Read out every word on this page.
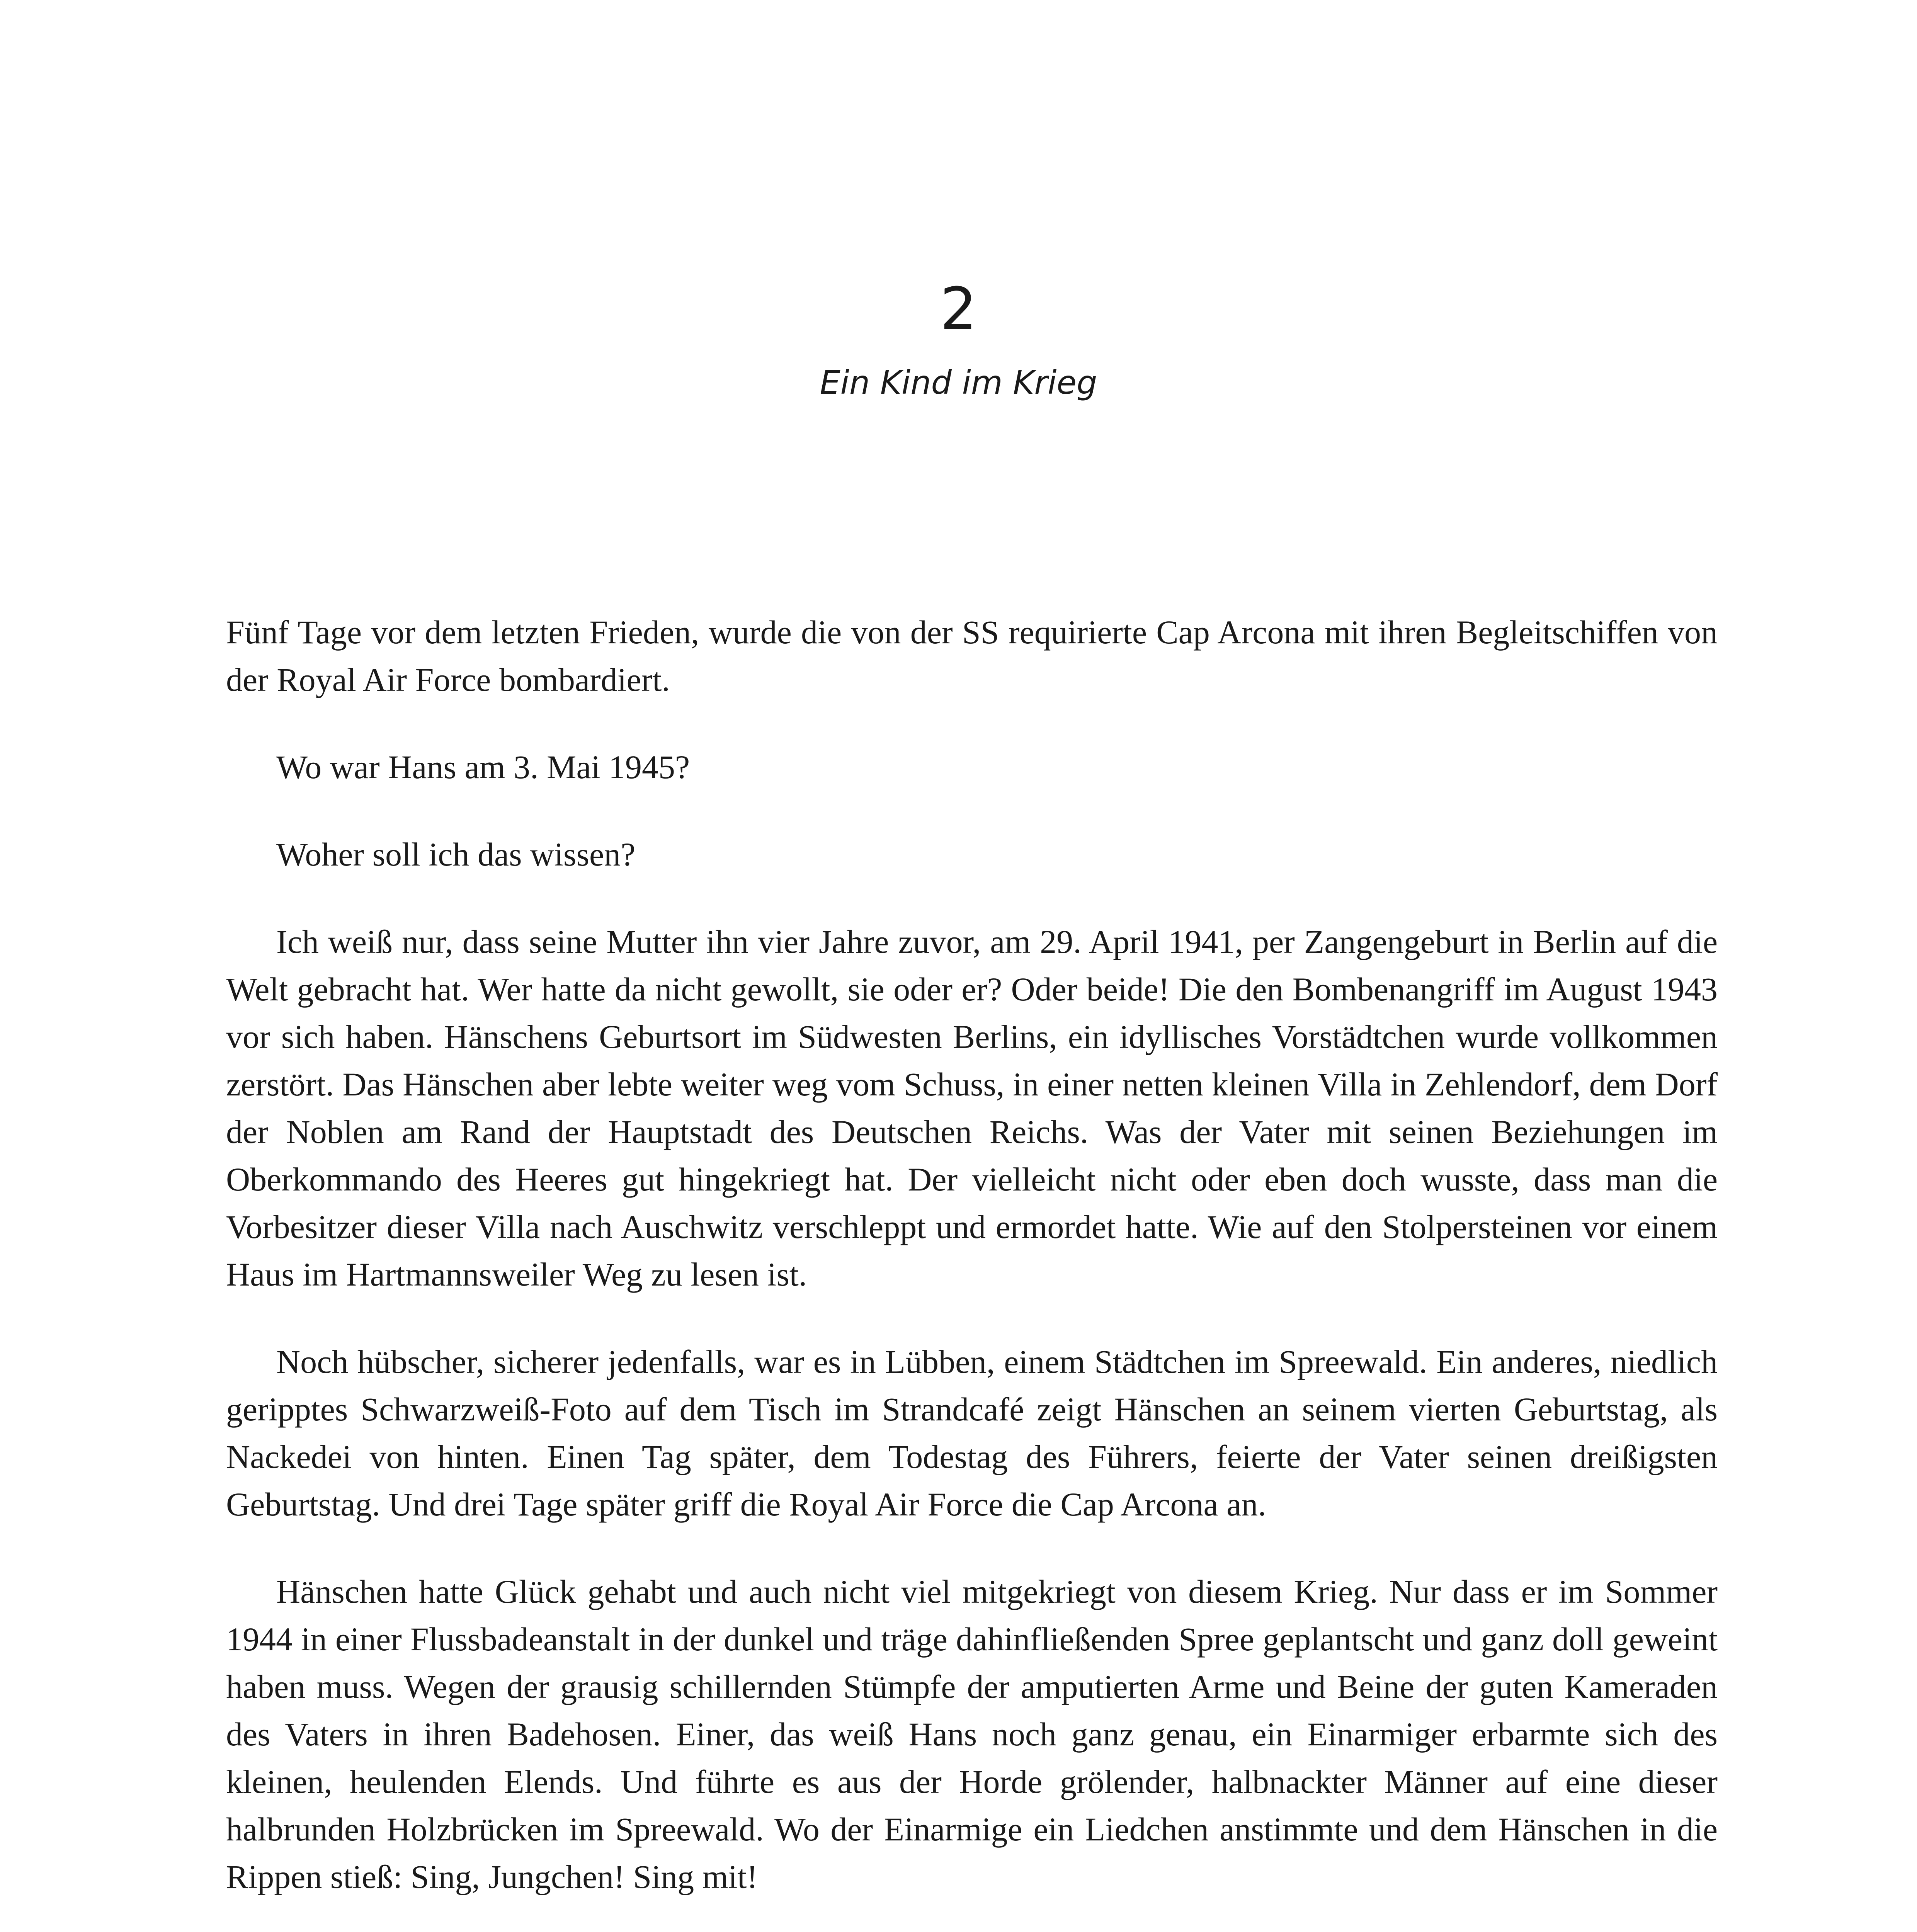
2
Ein Kind im Krieg

Fünf Tage vor dem letzten Frieden, wurde die von der SS requirierte Cap Arcona mit ihren Begleitschiffen von der Royal Air Force bombardiert.

Wo war Hans am 3. Mai 1945?

Woher soll ich das wissen?

Ich weiß nur, dass seine Mutter ihn vier Jahre zuvor, am 29. April 1941, per Zangengeburt in Berlin auf die Welt gebracht hat. Wer hatte da nicht gewollt, sie oder er? Oder beide! Die den Bombenangriff im August 1943 vor sich haben. Hänschens Geburtsort im Südwesten Berlins, ein idyllisches Vorstädtchen wurde vollkommen zerstört. Das Hänschen aber lebte weiter weg vom Schuss, in einer netten kleinen Villa in Zehlendorf, dem Dorf der Noblen am Rand der Hauptstadt des Deutschen Reichs. Was der Vater mit seinen Beziehungen im Oberkommando des Heeres gut hingekriegt hat. Der vielleicht nicht oder eben doch wusste, dass man die Vorbesitzer dieser Villa nach Auschwitz verschleppt und ermordet hatte. Wie auf den Stolpersteinen vor einem Haus im Hartmannsweiler Weg zu lesen ist.

Noch hübscher, sicherer jedenfalls, war es in Lübben, einem Städtchen im Spreewald. Ein anderes, niedlich geripptes Schwarzweiß-Foto auf dem Tisch im Strandcafé zeigt Hänschen an seinem vierten Geburtstag, als Nackedei von hinten. Einen Tag später, dem Todestag des Führers, feierte der Vater seinen dreißigsten Geburtstag. Und drei Tage später griff die Royal Air Force die Cap Arcona an.

Hänschen hatte Glück gehabt und auch nicht viel mitgekriegt von diesem Krieg. Nur dass er im Sommer 1944 in einer Flussbadeanstalt in der dunkel und träge dahinfließenden Spree geplantscht und ganz doll geweint haben muss. Wegen der grausig schillernden Stümpfe der amputierten Arme und Beine der guten Kameraden des Vaters in ihren Badehosen. Einer, das weiß Hans noch ganz genau, ein Einarmiger erbarmte sich des kleinen, heulenden Elends. Und führte es aus der Horde grölender, halbnackter Männer auf eine dieser halbrunden Holzbrücken im Spreewald. Wo der Einarmige ein Liedchen anstimmte und dem Hänschen in die Rippen stieß: Sing, Jungchen! Sing mit!
